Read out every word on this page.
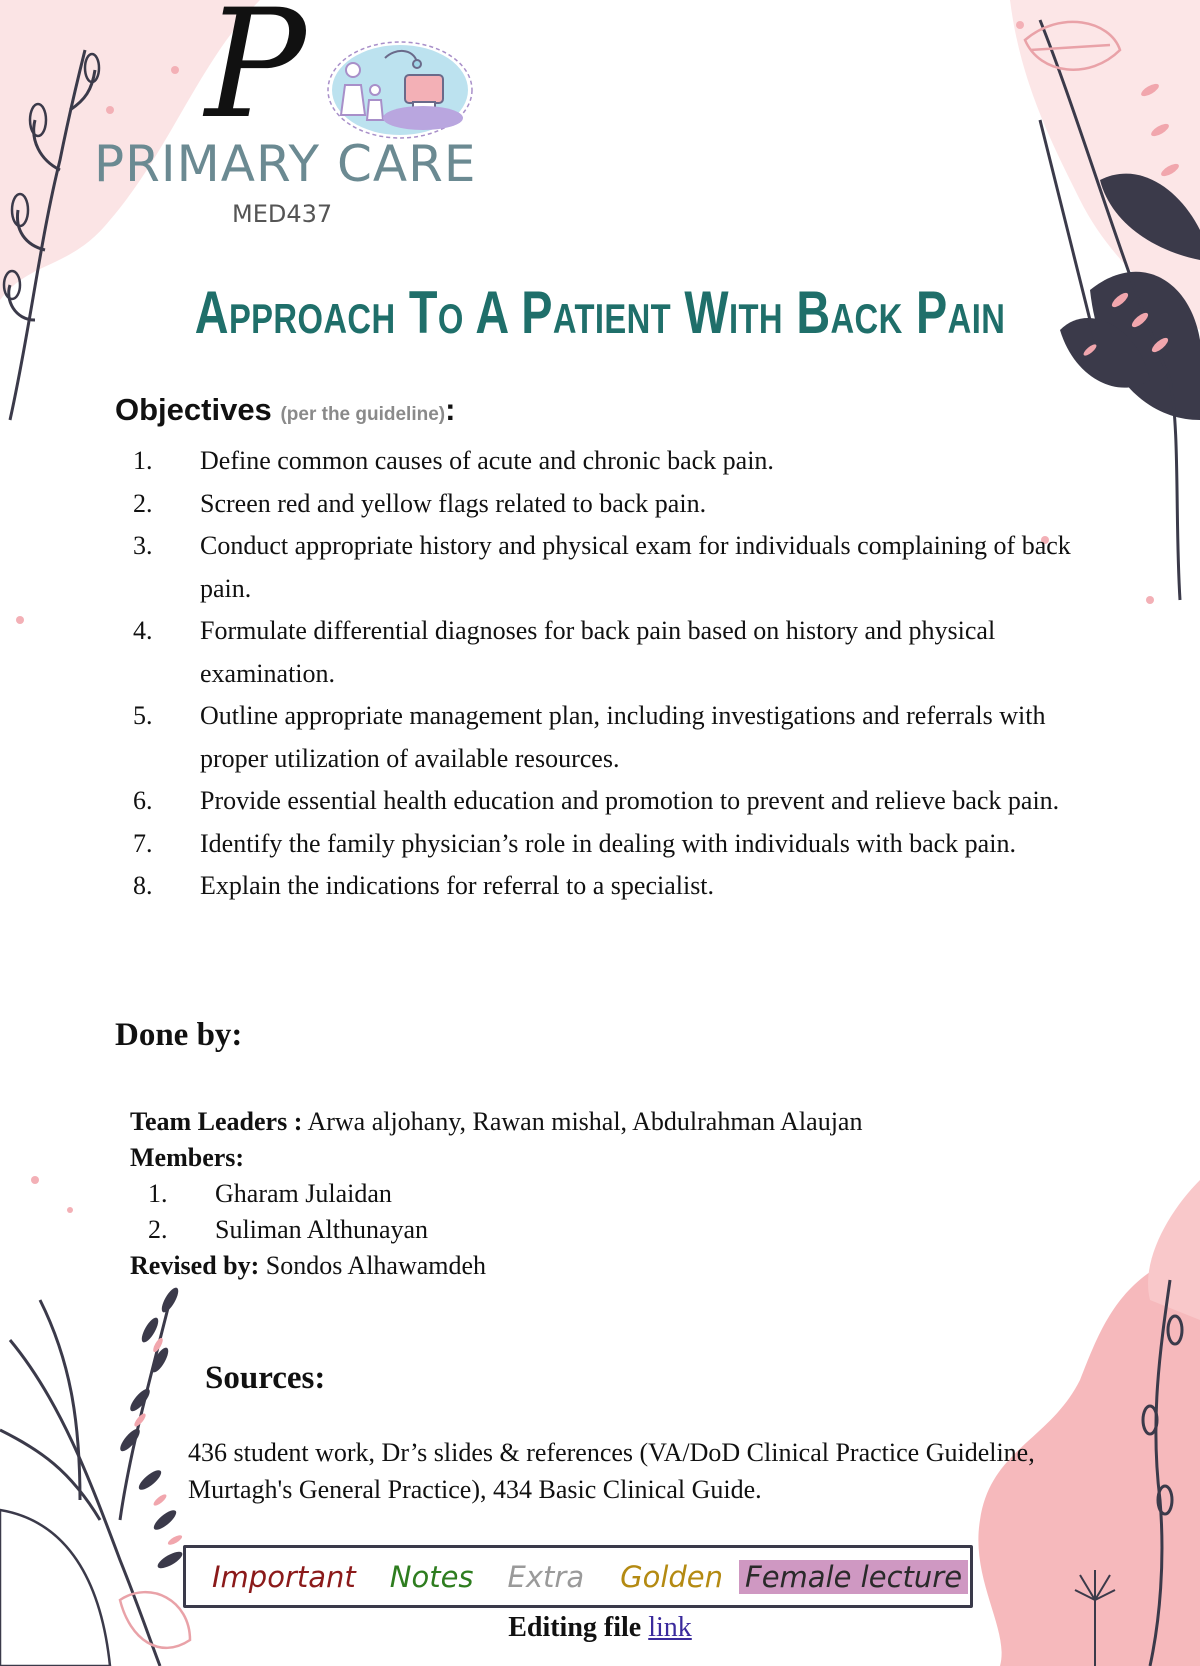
P
PRIMARY CARE
MED437
Approach To A Patient With Back Pain
Objectives (per the guideline):
1. Define common causes of acute and chronic back pain.
2. Screen red and yellow flags related to back pain.
3. Conduct appropriate history and physical exam for individuals complaining of back pain.
4. Formulate differential diagnoses for back pain based on history and physical examination.
5. Outline appropriate management plan, including investigations and referrals with proper utilization of available resources.
6. Provide essential health education and promotion to prevent and relieve back pain.
7. Identify the family physician’s role in dealing with individuals with back pain.
8. Explain the indications for referral to a specialist.
Done by:
Team Leaders : Arwa aljohany, Rawan mishal, Abdulrahman Alaujan
Members:
1. Gharam Julaidan
2. Suliman Althunayan
Revised by: Sondos Alhawamdeh
Sources:
436 student work, Dr’s slides & references (VA/DoD Clinical Practice Guideline, Murtagh's General Practice), 434 Basic Clinical Guide.
Important Notes Extra Golden Female lecture
Editing file link
